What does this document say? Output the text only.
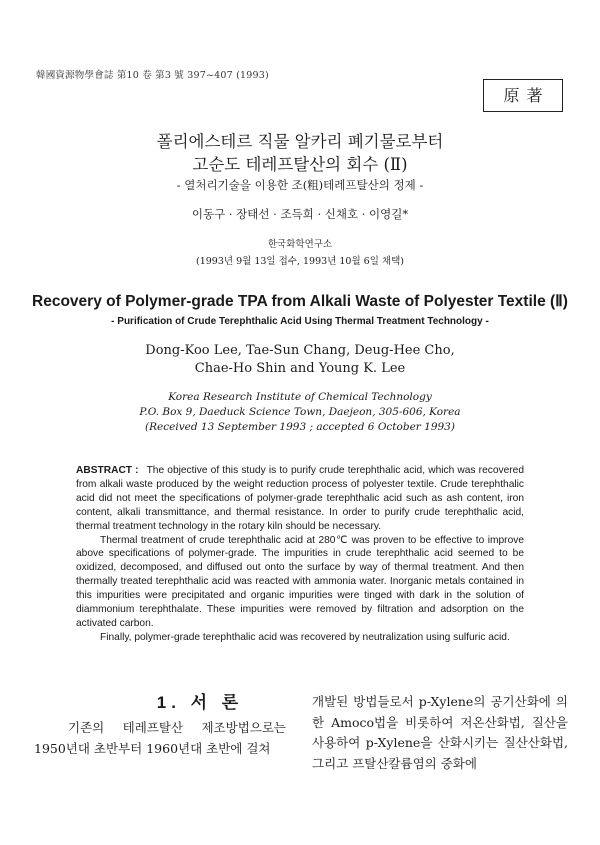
韓國資源物學會誌 第10 卷 第3 號 397~407 (1993)
原著
폴리에스테르 직물 알카리 폐기물로부터
고순도 테레프탈산의 회수 (Ⅱ)
- 열처리기술을 이용한 조(粗)테레프탈산의 정제 -
이동구 · 장태선 · 조득희 · 신채호 · 이영길*
한국화학연구소
(1993년 9월 13일 접수, 1993년 10월 6일 채택)
Recovery of Polymer-grade TPA from Alkali Waste of Polyester Textile (Ⅱ)
- Purification of Crude Terephthalic Acid Using Thermal Treatment Technology -
Dong-Koo Lee, Tae-Sun Chang, Deug-Hee Cho,
Chae-Ho Shin and Young K. Lee
Korea Research Institute of Chemical Technology
P.O. Box 9, Daeduck Science Town, Daejeon, 305-606, Korea
(Received 13 September 1993 ; accepted 6 October 1993)

ABSTRACT : The objective of this study is to purify crude terephthalic acid, which was recovered from alkali waste produced by the weight reduction process of polyester textile. Crude terephthalic acid did not meet the specifications of polymer-grade terephthalic acid such as ash content, iron content, alkali transmittance, and thermal resistance. In order to purify crude terephthalic acid, thermal treatment technology in the rotary kiln should be necessary.

Thermal treatment of crude terephthalic acid at 280℃ was proven to be effective to improve above specifications of polymer-grade. The impurities in crude terephthalic acid seemed to be oxidized, decomposed, and diffused out onto the surface by way of thermal treatment. And then thermally treated terephthalic acid was reacted with ammonia water. Inorganic metals contained in this impurities were precipitated and organic impurities were tinged with dark in the solution of diammonium terephthalate. These impurities were removed by filtration and adsorption on the activated carbon.

Finally, polymer-grade terephthalic acid was recovered by neutralization using sulfuric acid.

1. 서 론

기존의 테레프탈산 제조방법으로는 1950년대 초반부터 1960년대 초반에 걸쳐

개발된 방법들로서 p-Xylene의 공기산화에 의한 Amoco법을 비롯하여 저온산화법, 질산을 사용하여 p-Xylene을 산화시키는 질산산화법, 그리고 프탈산칼륨염의 중화에
